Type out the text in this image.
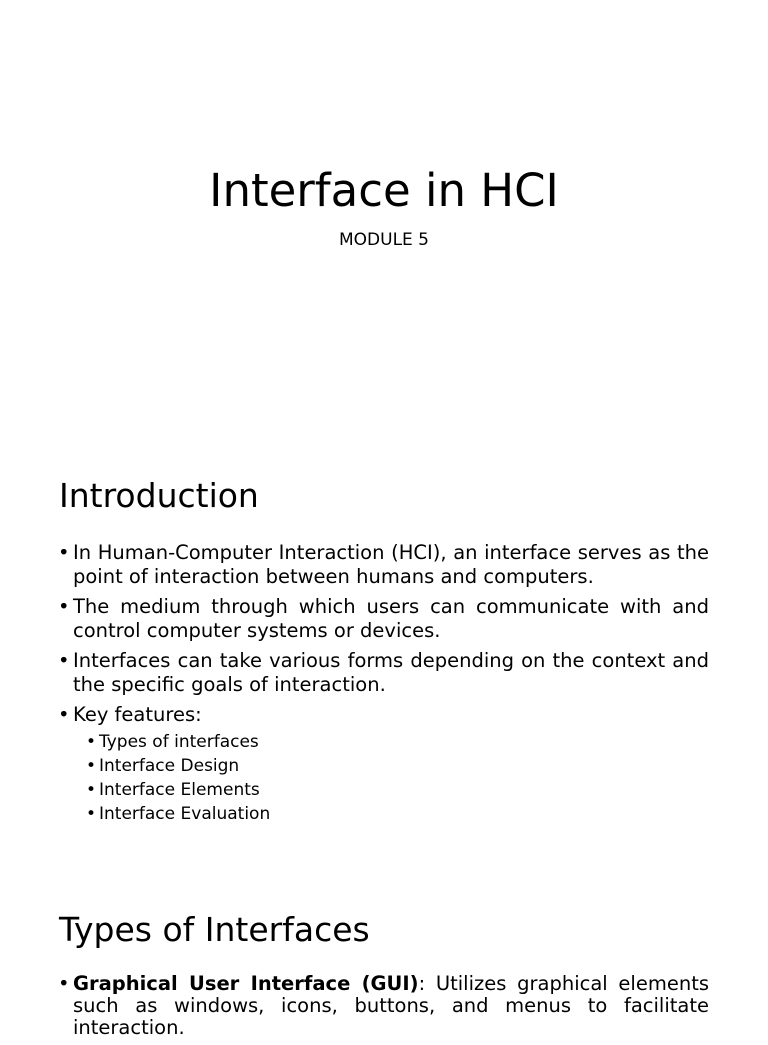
Interface in HCI

MODULE 5

Introduction
• In Human-Computer Interaction (HCI), an interface serves as the point of interaction between humans and computers.
• The medium through which users can communicate with and control computer systems or devices.
• Interfaces can take various forms depending on the context and the specific goals of interaction.
• Key features:
• Types of interfaces
• Interface Design
• Interface Elements
• Interface Evaluation
Types of Interfaces
• Graphical User Interface (GUI): Utilizes graphical elements such as windows, icons, buttons, and menus to facilitate interaction.
